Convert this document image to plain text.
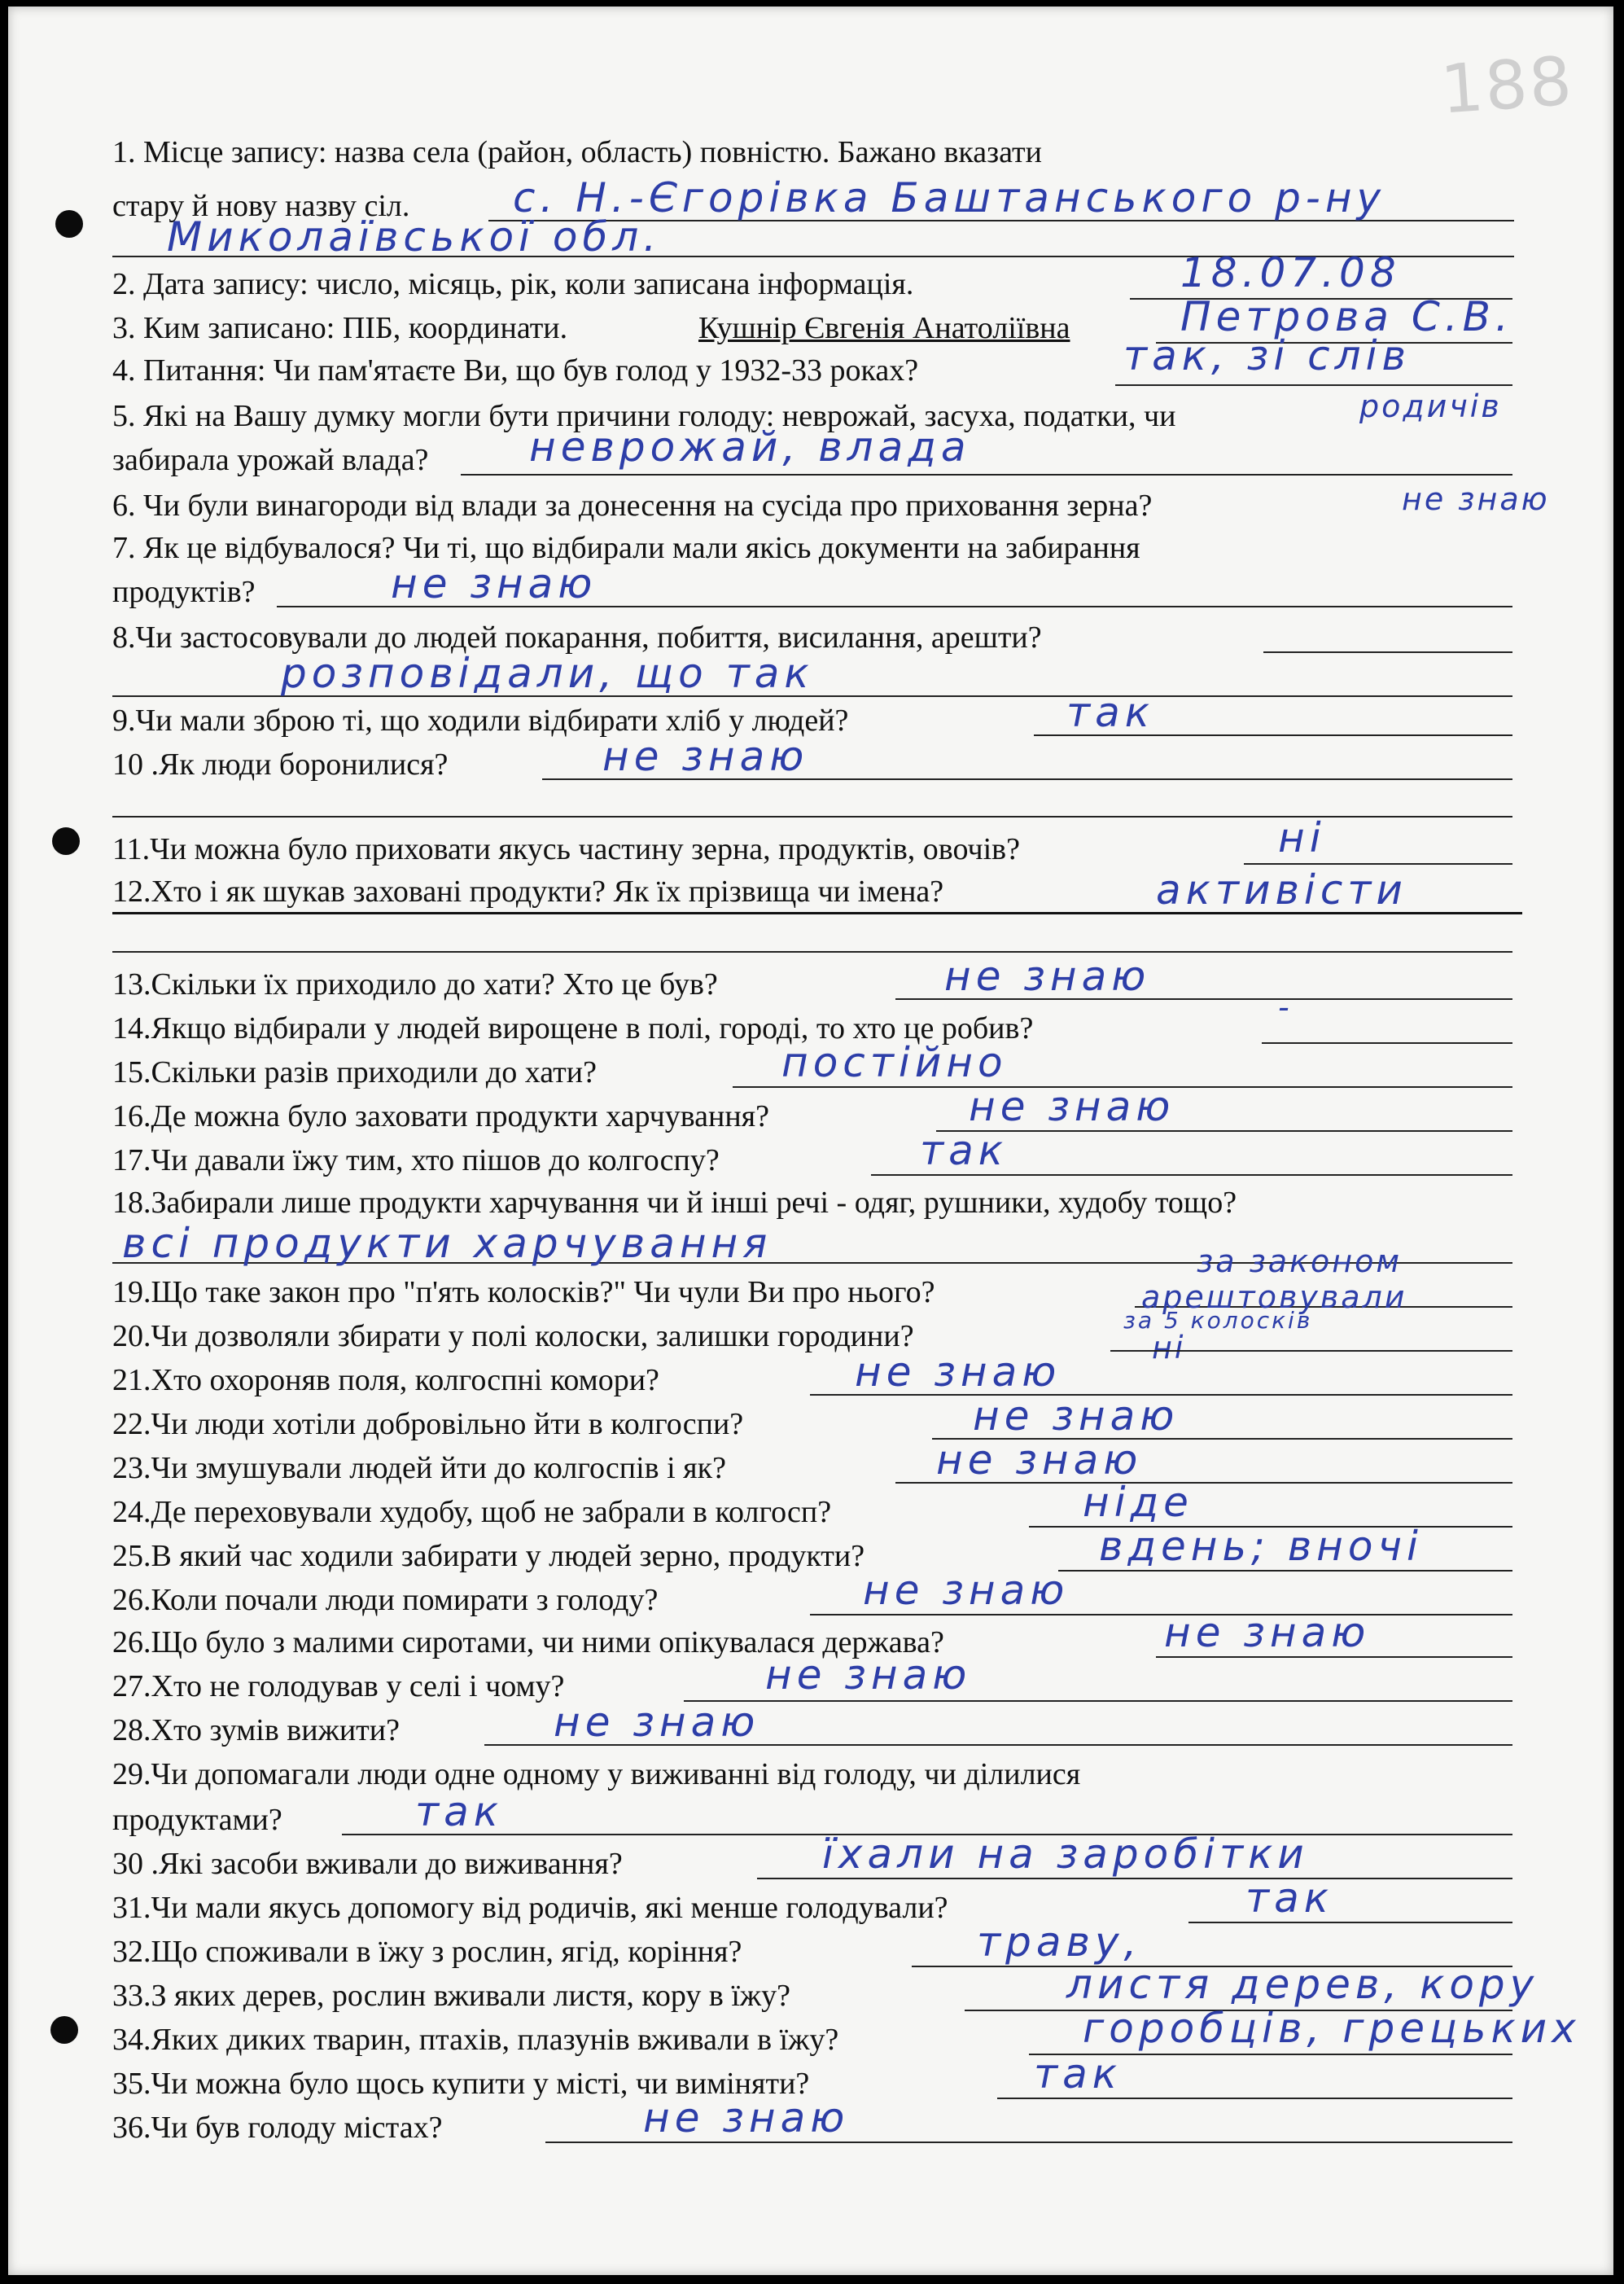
188
1. Місце запису: назва села (район, область) повністю. Бажано вказати
стару й нову назву сіл.	с. Н.-Єгорівка Баштанського р-ну
Миколаївської обл.
2. Дата запису: число, місяць, рік, коли записана інформація.	18.07.08
3. Ким записано: ПІБ, координати.	Кушнір Євгенія Анатоліївна	Петрова С.В.
4. Питання: Чи пам'ятаєте Ви, що був голод у 1932-33 роках?	так, зі слів
5. Які на Вашу думку могли бути причини голоду: неврожай, засуха, податки, чи	родичів
забирала урожай влада? неврожай, влада
6. Чи були винагороди від влади за донесення на сусіда про приховання зерна?	не знаю
7. Як це відбувалося? Чи ті, що відбирали мали якісь документи на забирання
продуктів?	не знаю
8.Чи застосовували до людей покарання, побиття, висилання, арешти?
розповідали, що так
9.Чи мали зброю ті, що ходили відбирати хліб у людей?	так
10 .Як люди боронилися?	не знаю
11.Чи можна було приховати якусь частину зерна, продуктів, овочів?	ні
12.Хто і як шукав заховані продукти? Як їх прізвища чи імена?	активісти
13.Скільки їх приходило до хати? Хто це був?	не знаю
14.Якщо відбирали у людей вирощене в полі, городі, то хто це робив?
-
15.Скільки разів приходили до хати?	постійно
16.Де можна було заховати продукти харчування?	не знаю
17.Чи давали їжу тим, хто пішов до колгоспу?	так
18.Забирали лише продукти харчування чи й інші речі - одяг, рушники, худобу тощо?
всі продукти харчування
19.Що таке закон про "п'ять колосків?" Чи чули Ви про нього?
за законом
арештовували
20.Чи дозволяли збирати у полі колоски, залишки городини?	за 5 колосків
ні
21.Хто охороняв поля, колгоспні комори?	не знаю
22.Чи люди хотіли добровільно йти в колгоспи?	не знаю
23.Чи змушували людей йти до колгоспів і як?	не знаю
24.Де переховували худобу, щоб не забрали в колгосп?	ніде
25.В який час ходили забирати у людей зерно, продукти?	вдень; вночі
26.Коли почали люди помирати з голоду?	не знаю
26.Що було з малими сиротами, чи ними опікувалася держава?	не знаю
27.Хто не голодував у селі і чому?	не знаю
28.Хто зумів вижити?	не знаю
29.Чи допомагали люди одне одному у виживанні від голоду, чи ділилися
продуктами?	так
30 .Які засоби вживали до виживання?	їхали на заробітки
31.Чи мали якусь допомогу від родичів, які менше голодували?	так
32.Що споживали в їжу з рослин, ягід, коріння?	траву,
33.З яких дерев, рослин вживали листя, кору в їжу?	листя дерев, кору
34.Яких диких тварин, птахів, плазунів вживали в їжу?	горобців, грецьких
35.Чи можна було щось купити у місті, чи виміняти?	так
36.Чи був голоду містах?	не знаю
